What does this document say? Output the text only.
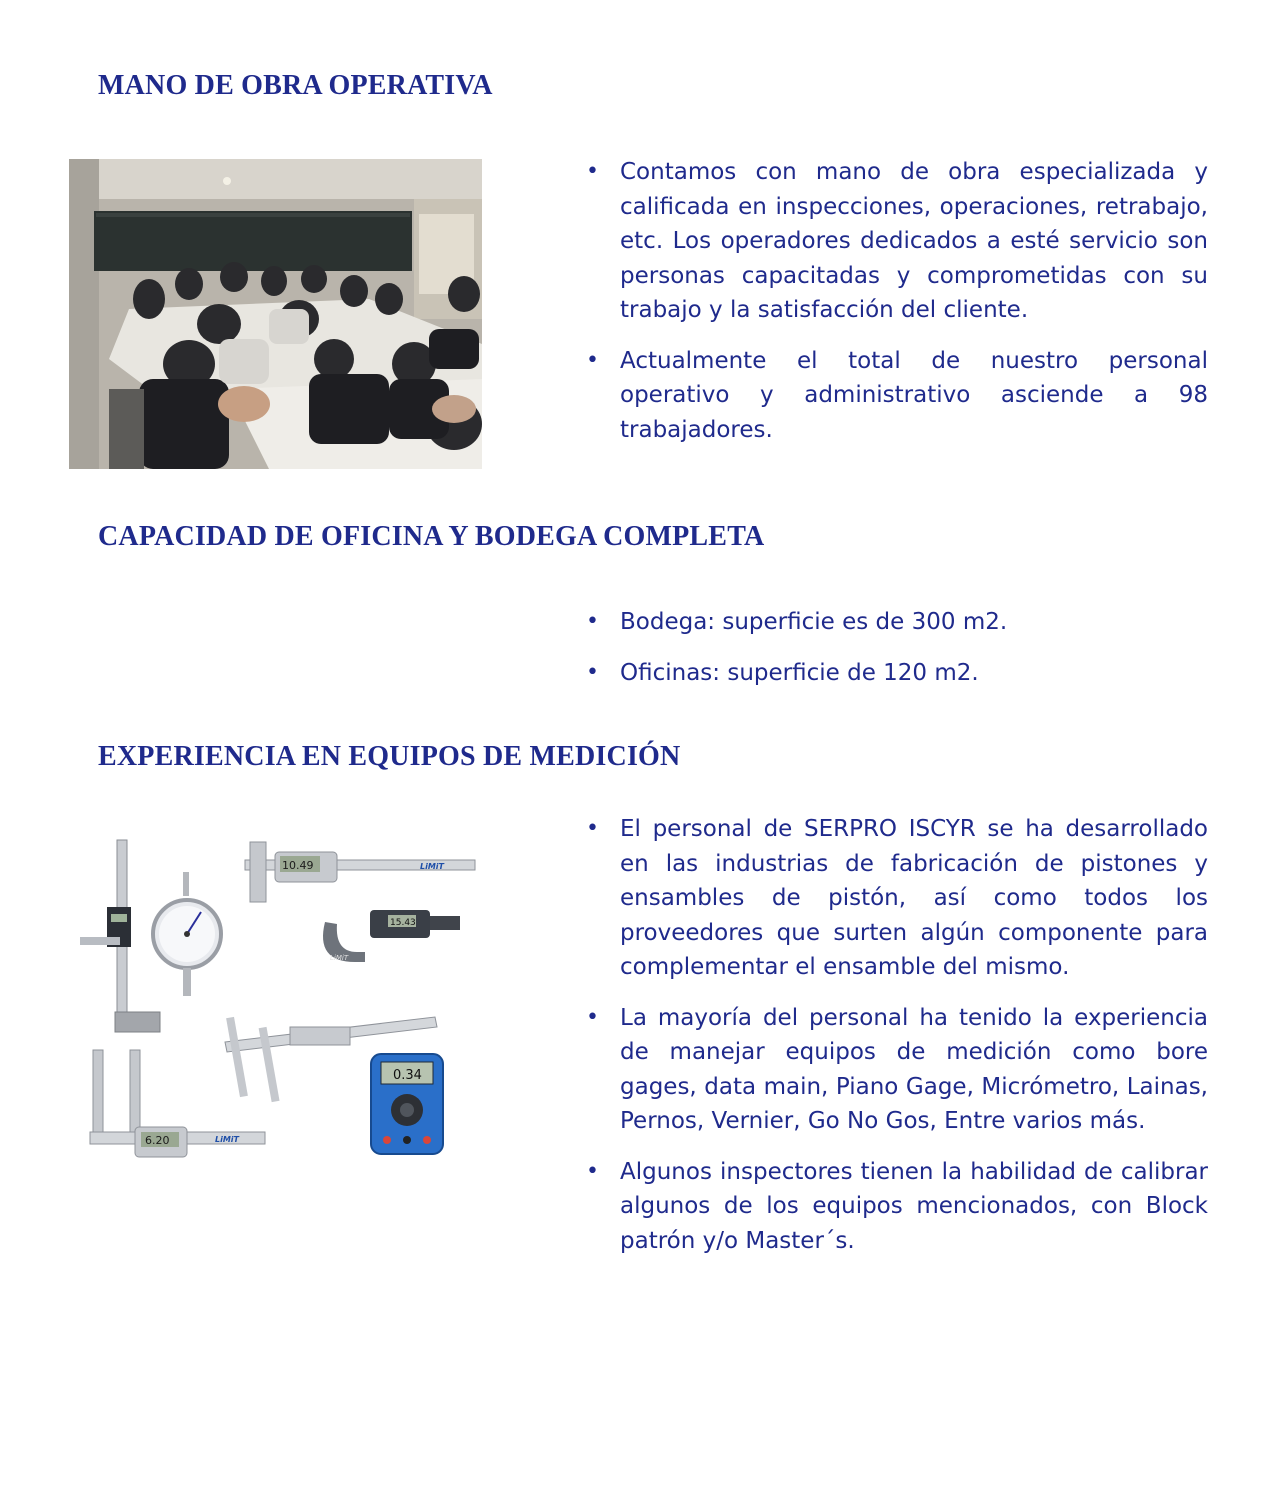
MANO DE OBRA OPERATIVA
• Contamos con mano de obra especializada y calificada en inspecciones, operaciones, retrabajo, etc. Los operadores dedicados a esté servicio son personas capacitadas y comprometidas con su trabajo y la satisfacción del cliente.
• Actualmente el total de nuestro personal operativo y administrativo asciende a 98 trabajadores.
CAPACIDAD DE OFICINA Y BODEGA COMPLETA
• Bodega: superficie es de 300 m2.
• Oficinas: superficie de 120 m2.
EXPERIENCIA EN EQUIPOS DE MEDICIÓN
10.49	LiMiT
15.43
LiMiT
6.20	LiMiT
0.34
• El personal de SERPRO ISCYR se ha desarrollado en las industrias de fabricación de pistones y ensambles de pistón, así como todos los proveedores que surten algún componente para complementar el ensamble del mismo.
• La mayoría del personal ha tenido la experiencia de manejar equipos de medición como bore gages, data main, Piano Gage, Micrómetro, Lainas, Pernos, Vernier, Go No Gos, Entre varios más.
• Algunos inspectores tienen la habilidad de calibrar algunos de los equipos mencionados, con Block patrón y/o Master´s.
